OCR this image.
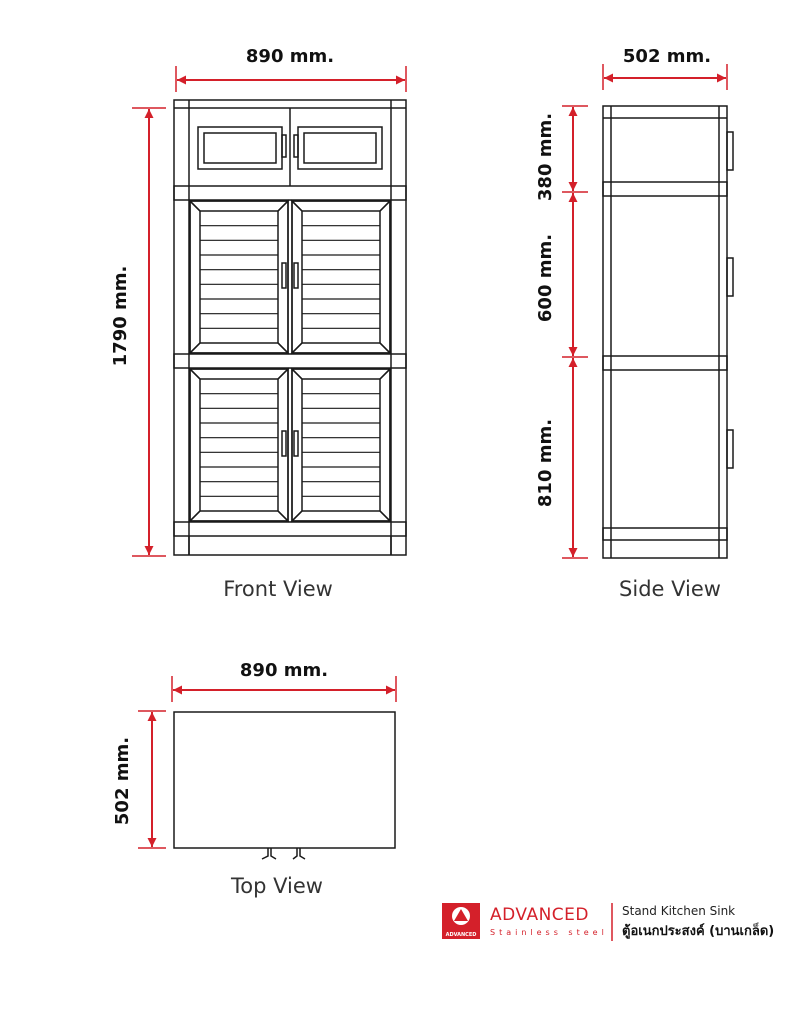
890 mm.
1790 mm.
Front View
502 mm.
380 mm.
600 mm.
810 mm.
Side View
890 mm.
502 mm.
Top View
ADVANCED
ADVANCED
Stainless steel
Stand Kitchen Sink
ตู้อเนกประสงค์ (บานเกล็ด)
